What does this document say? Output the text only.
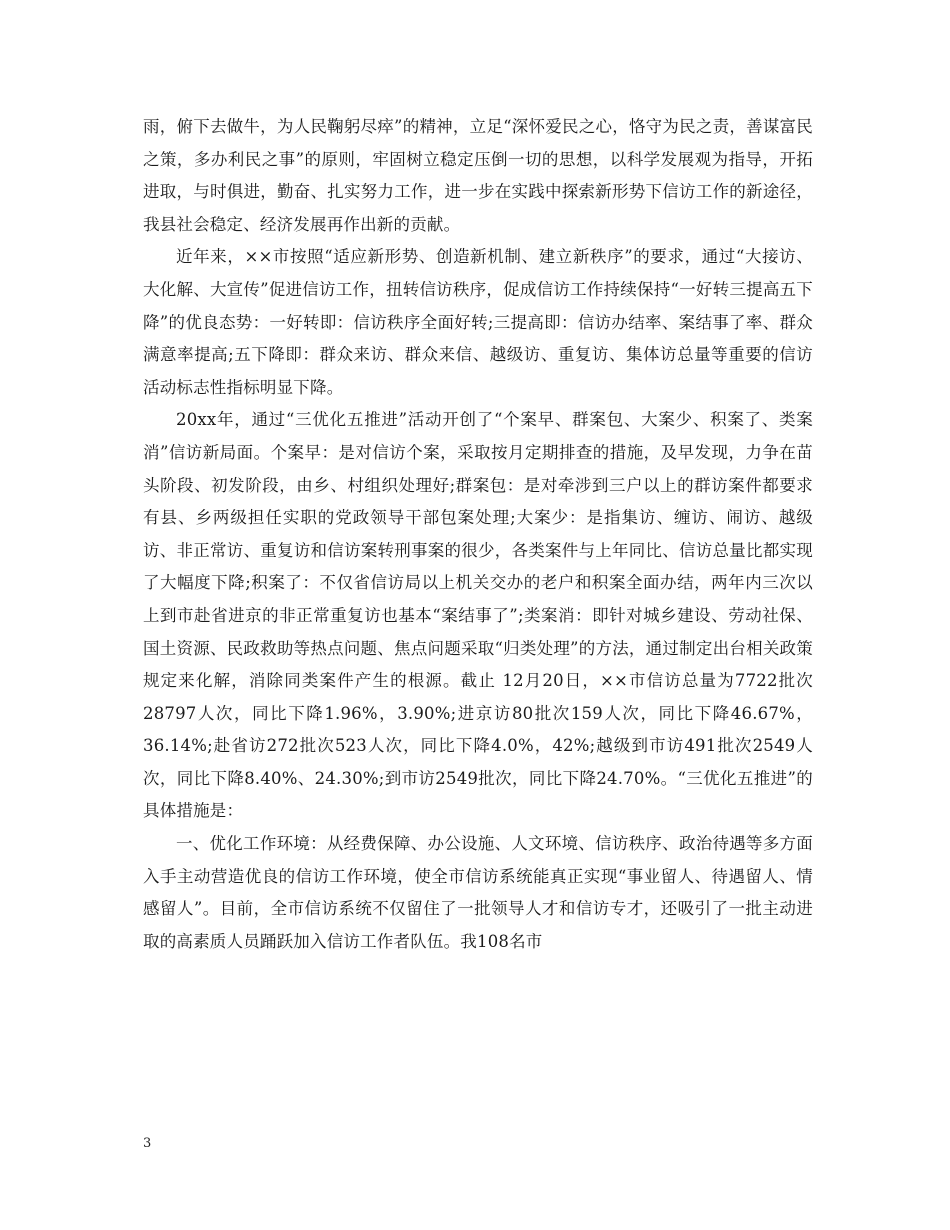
雨，俯下去做牛，为人民鞠躬尽瘁”的精神，立足“深怀爱民之心，恪守为民之责，善谋富民之策，多办利民之事”的原则，牢固树立稳定压倒一切的思想，以科学发展观为指导，开拓进取，与时俱进，勤奋、扎实努力工作，进一步在实践中探索新形势下信访工作的新途径，我县社会稳定、经济发展再作出新的贡献。

近年来，××市按照“适应新形势、创造新机制、建立新秩序”的要求，通过“大接访、大化解、大宣传”促进信访工作，扭转信访秩序，促成信访工作持续保持“一好转三提高五下降”的优良态势：一好转即：信访秩序全面好转;三提高即：信访办结率、案结事了率、群众满意率提高;五下降即：群众来访、群众来信、越级访、重复访、集体访总量等重要的信访活动标志性指标明显下降。

20xx年，通过“三优化五推进”活动开创了“个案早、群案包、大案少、积案了、类案消”信访新局面。个案早：是对信访个案，采取按月定期排查的措施，及早发现，力争在苗头阶段、初发阶段，由乡、村组织处理好;群案包：是对牵涉到三户以上的群访案件都要求有县、乡两级担任实职的党政领导干部包案处理;大案少：是指集访、缠访、闹访、越级访、非正常访、重复访和信访案转刑事案的很少，各类案件与上年同比、信访总量比都实现了大幅度下降;积案了：不仅省信访局以上机关交办的老户和积案全面办结，两年内三次以上到市赴省进京的非正常重复访也基本“案结事了”;类案消：即针对城乡建设、劳动社保、国土资源、民政救助等热点问题、焦点问题采取“归类处理”的方法，通过制定出台相关政策规定来化解，消除同类案件产生的根源。截止 12月20日，××市信访总量为7722批次28797人次，同比下降1.96%，3.90%;进京访80批次159人次，同比下降46.67%，36.14%;赴省访272批次523人次，同比下降4.0%，42%;越级到市访491批次2549人次，同比下降8.40%、24.30%;到市访2549批次，同比下降24.70%。“三优化五推进”的具体措施是：

一、优化工作环境：从经费保障、办公设施、人文环境、信访秩序、政治待遇等多方面入手主动营造优良的信访工作环境，使全市信访系统能真正实现“事业留人、待遇留人、情感留人”。目前，全市信访系统不仅留住了一批领导人才和信访专才，还吸引了一批主动进取的高素质人员踊跃加入信访工作者队伍。我108名市

3
